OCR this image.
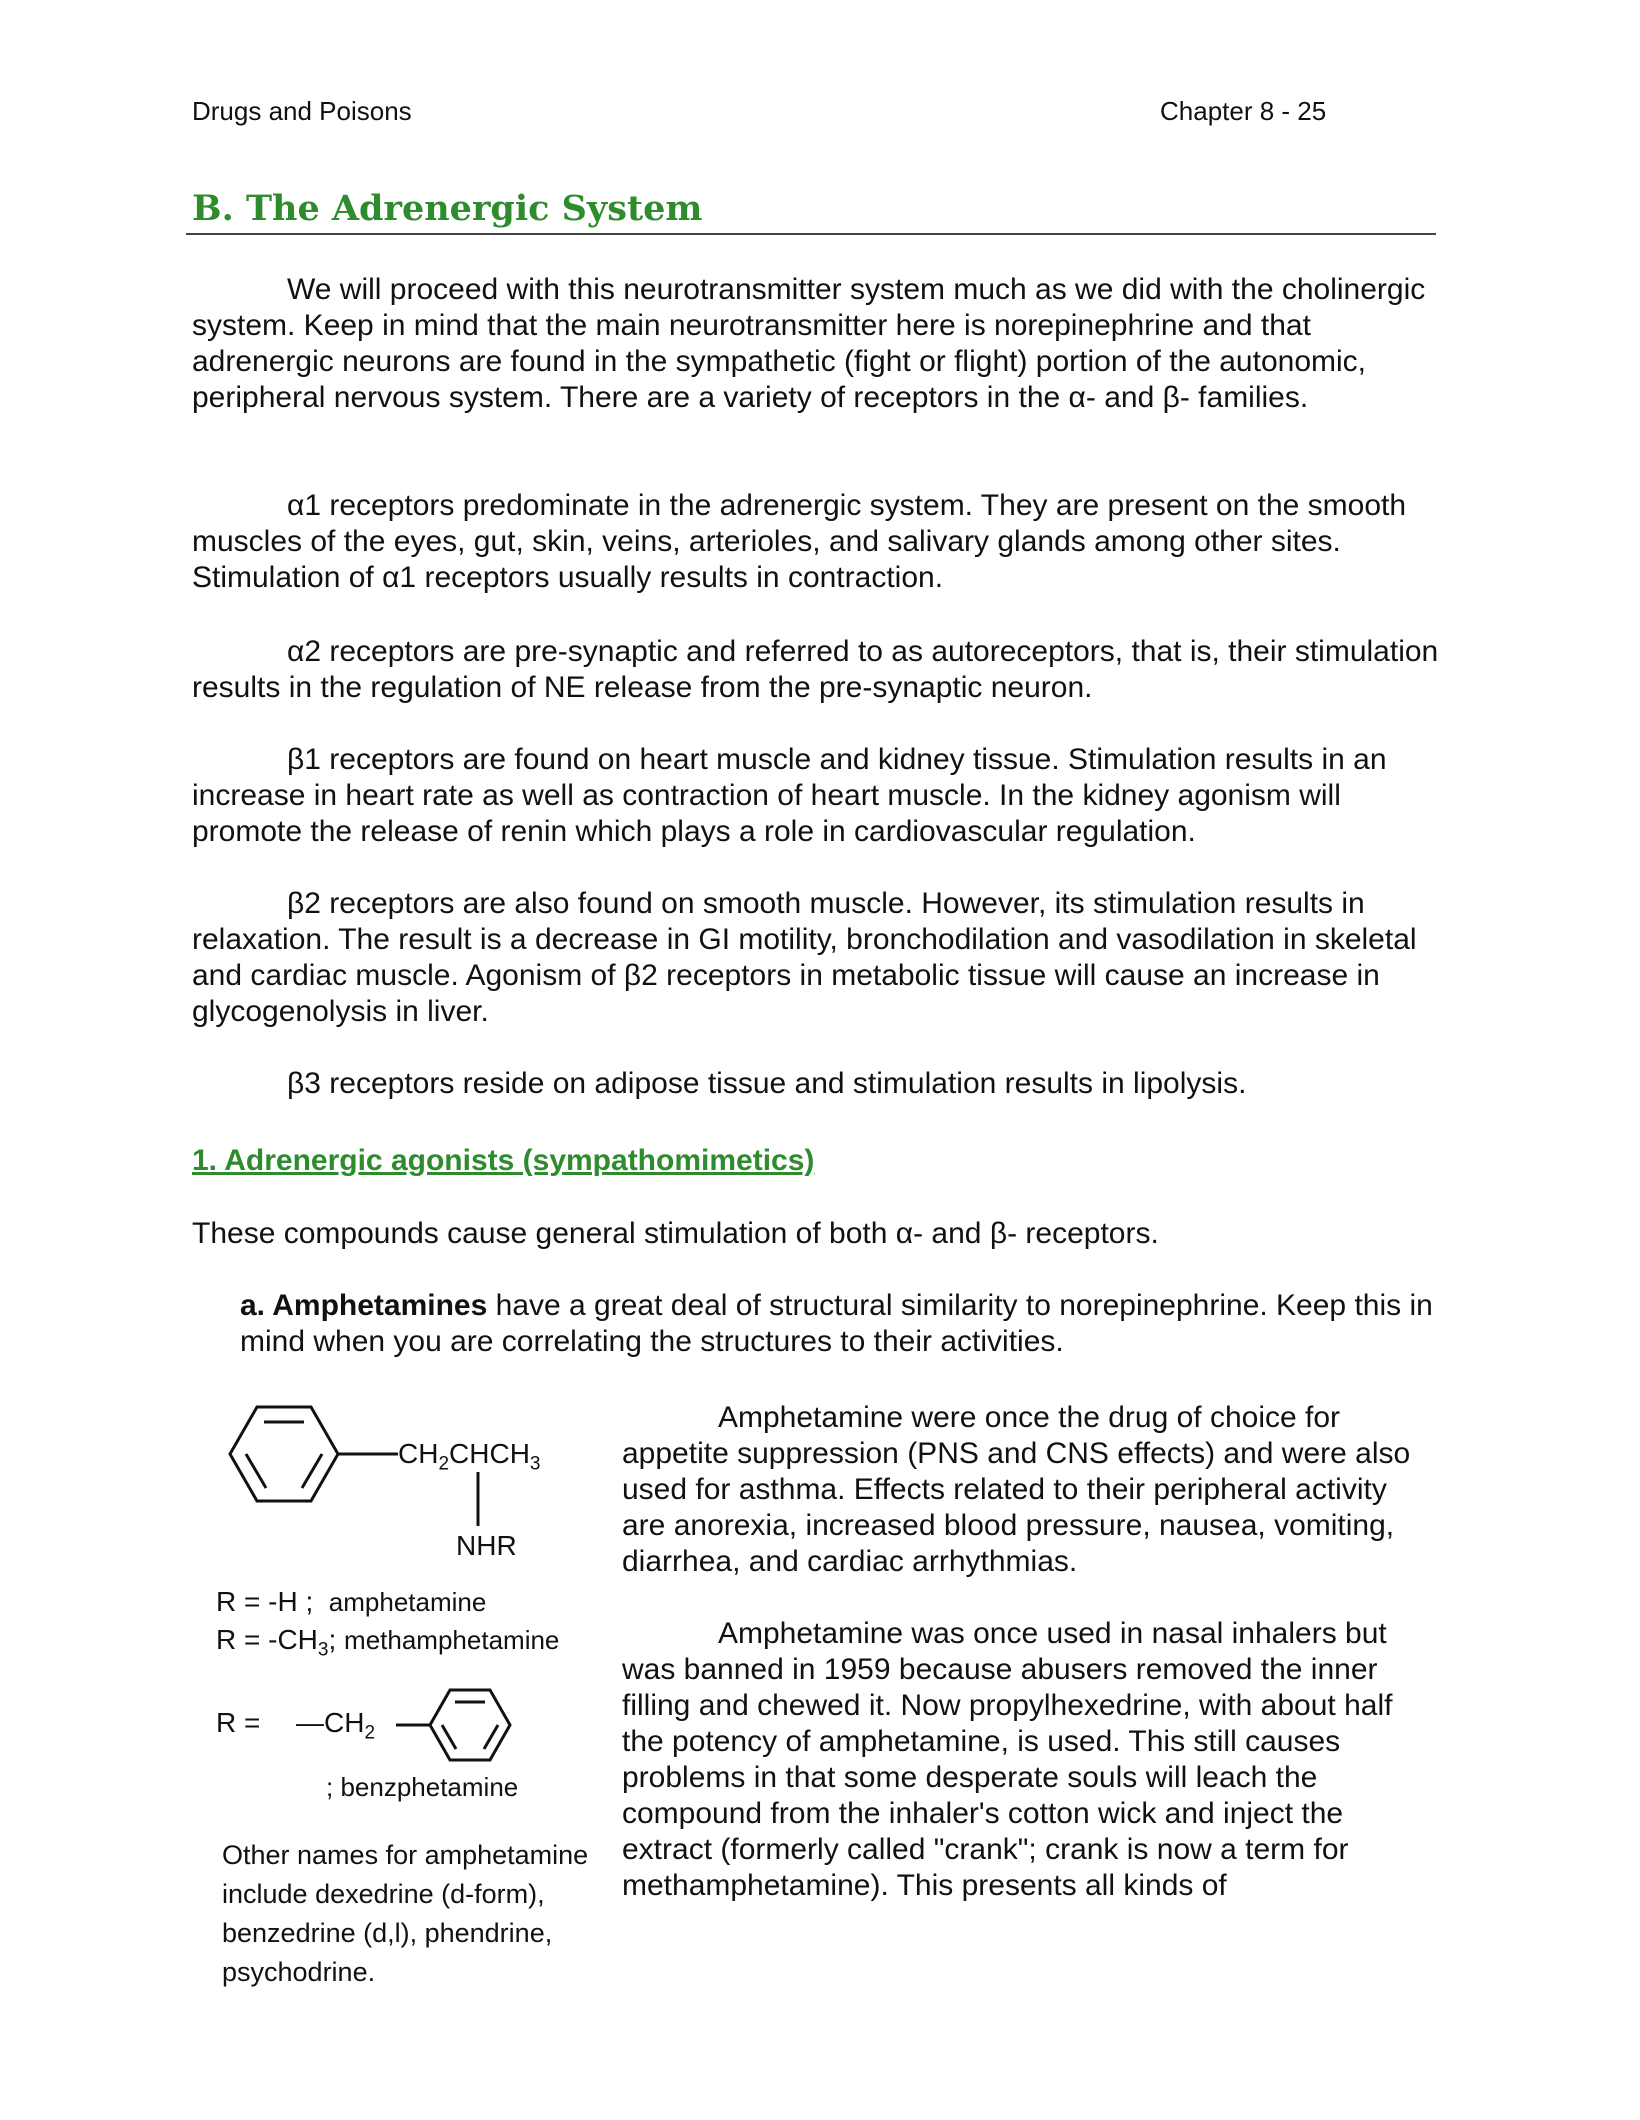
Drugs and Poisons	Chapter 8 - 25
B. The Adrenergic System

We will proceed with this neurotransmitter system much as we did with the cholinergic system. Keep in mind that the main neurotransmitter here is norepinephrine and that adrenergic neurons are found in the sympathetic (fight or flight) portion of the autonomic, peripheral nervous system. There are a variety of receptors in the α- and β- families.

α1 receptors predominate in the adrenergic system. They are present on the smooth muscles of the eyes, gut, skin, veins, arterioles, and salivary glands among other sites. Stimulation of α1 receptors usually results in contraction.

α2 receptors are pre-synaptic and referred to as autoreceptors, that is, their stimulation results in the regulation of NE release from the pre-synaptic neuron.

β1 receptors are found on heart muscle and kidney tissue. Stimulation results in an increase in heart rate as well as contraction of heart muscle. In the kidney agonism will promote the release of renin which plays a role in cardiovascular regulation.

β2 receptors are also found on smooth muscle. However, its stimulation results in relaxation. The result is a decrease in GI motility, bronchodilation and vasodilation in skeletal and cardiac muscle. Agonism of β2 receptors in metabolic tissue will cause an increase in glycogenolysis in liver.

β3 receptors reside on adipose tissue and stimulation results in lipolysis.

1. Adrenergic agonists (sympathomimetics)

These compounds cause general stimulation of both α- and β- receptors.

a. Amphetamines have a great deal of structural similarity to norepinephrine. Keep this in mind when you are correlating the structures to their activities.

$CH_2CHCH_3$
NHR
R = -H ; amphetamine
$R = -CH_3$; methamphetamine
$R = —CH_2$
; benzphetamine

Other names for amphetamine include dexedrine (d-form), benzedrine (d,l), phendrine, psychodrine.

Amphetamine were once the drug of choice for appetite suppression (PNS and CNS effects) and were also used for asthma. Effects related to their peripheral activity are anorexia, increased blood pressure, nausea, vomiting, diarrhea, and cardiac arrhythmias.

Amphetamine was once used in nasal inhalers but was banned in 1959 because abusers removed the inner filling and chewed it. Now propylhexedrine, with about half the potency of amphetamine, is used. This still causes problems in that some desperate souls will leach the compound from the inhaler's cotton wick and inject the extract (formerly called "crank"; crank is now a term for methamphetamine). This presents all kinds of
